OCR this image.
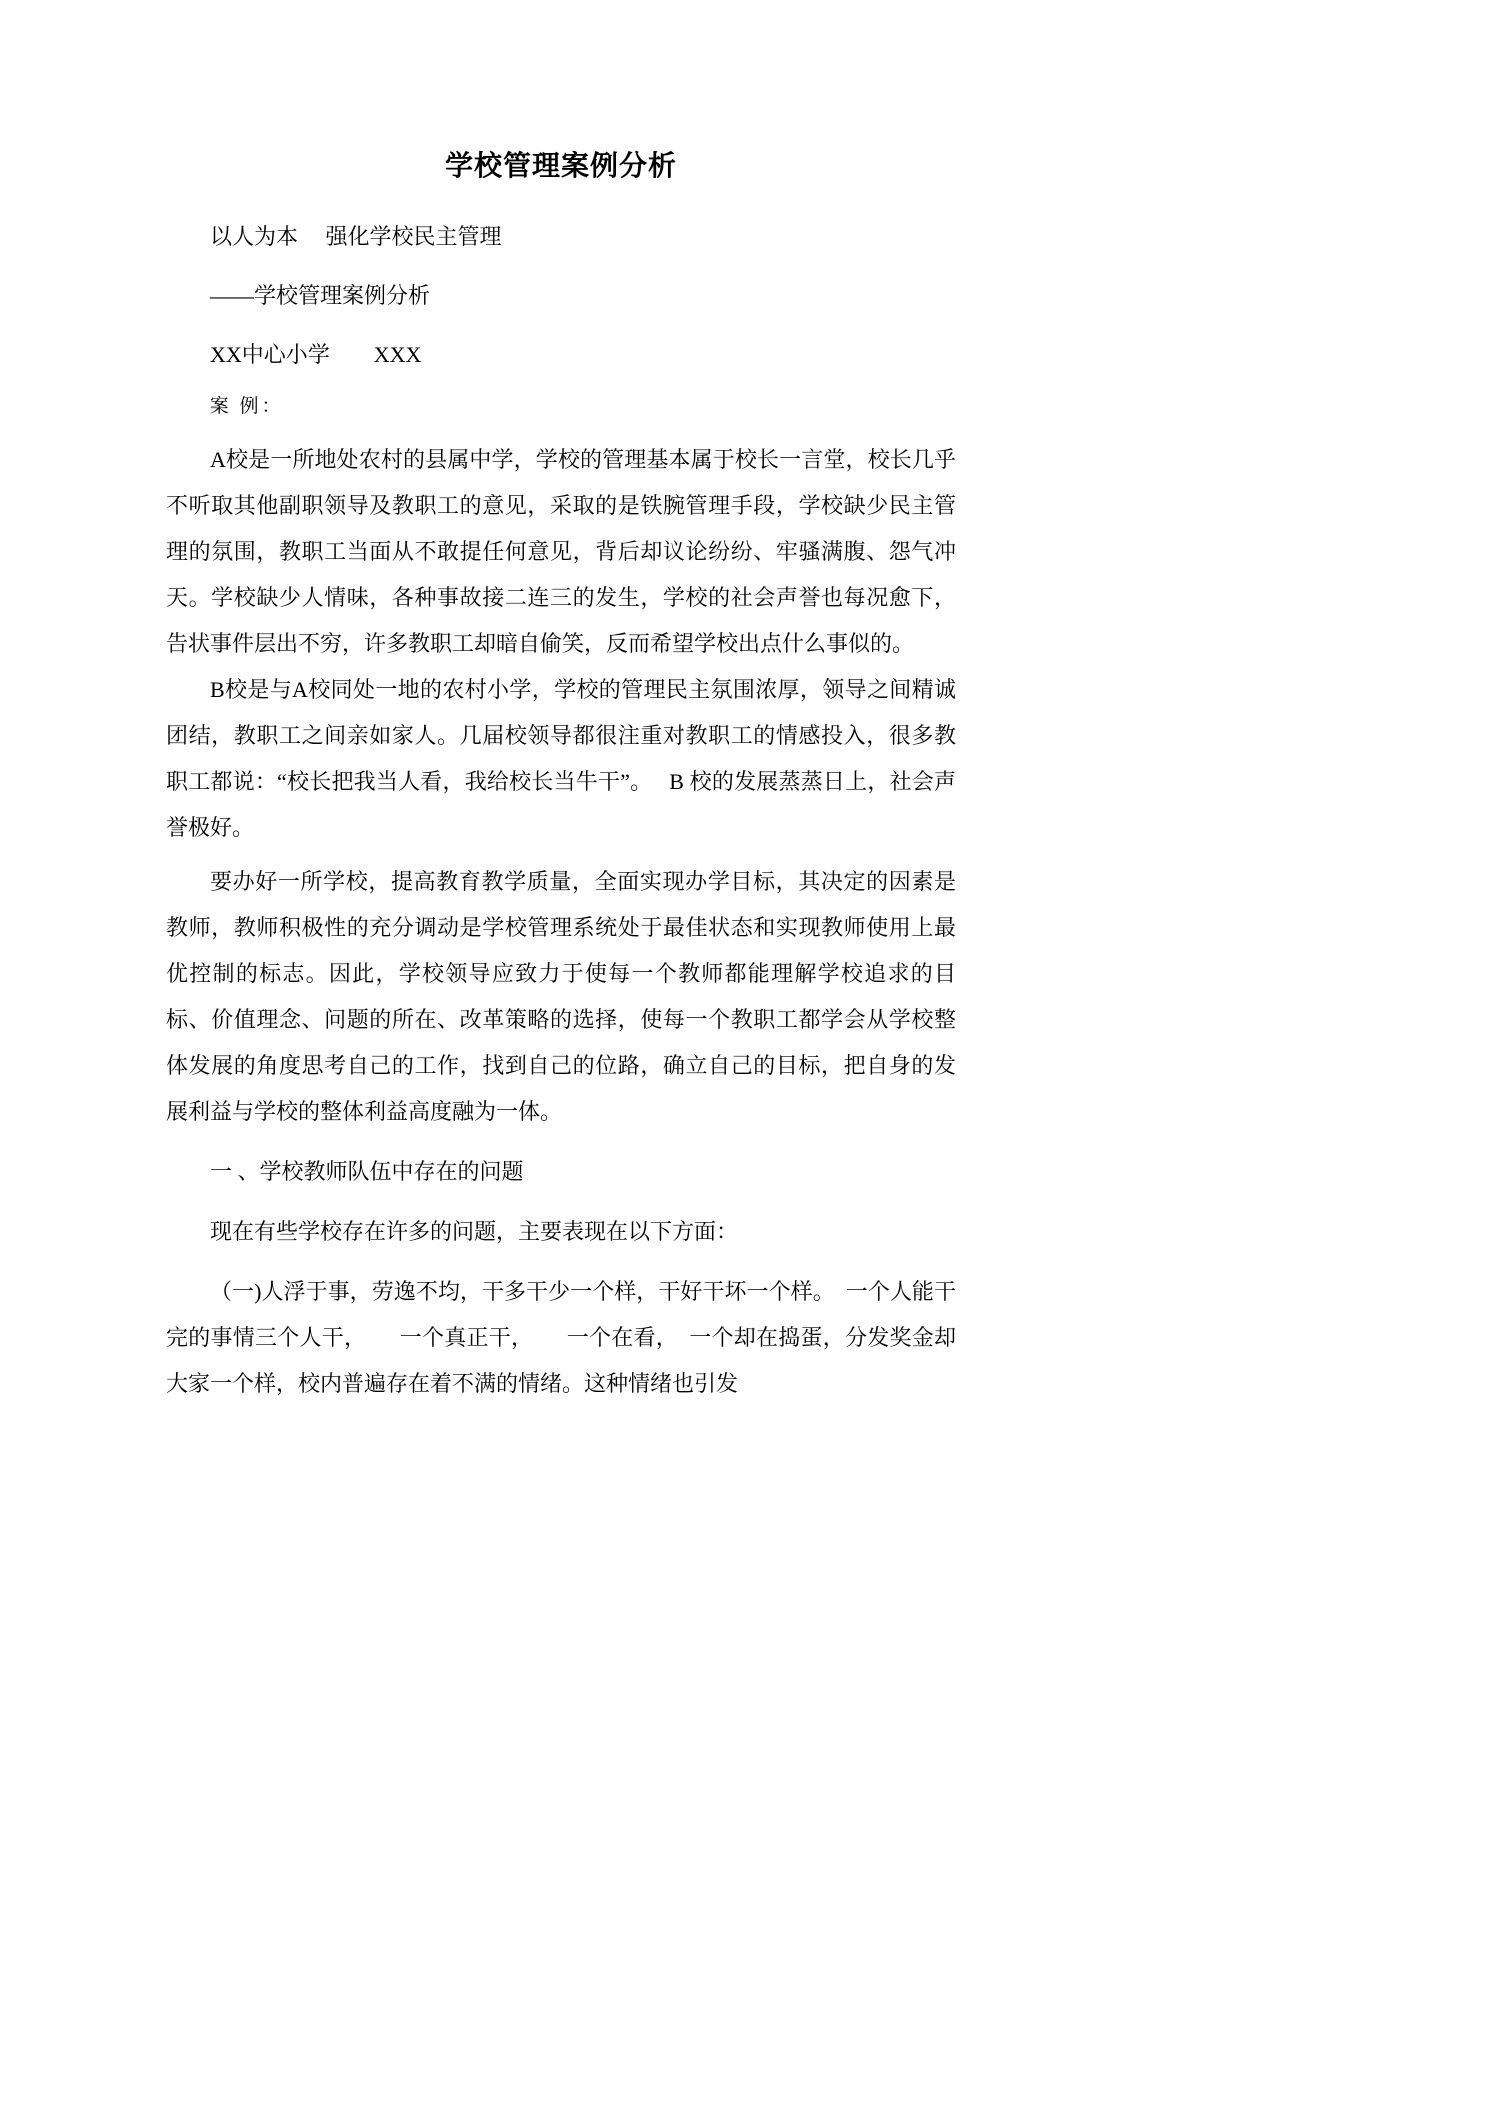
学校管理案例分析

以人为本　 强化学校民主管理

——学校管理案例分析

XX中心小学　　XXX

案 例：

A校是一所地处农村的县属中学，学校的管理基本属于校长一言堂，校长几乎不听取其他副职领导及教职工的意见，采取的是铁腕管理手段，学校缺少民主管理的氛围，教职工当面从不敢提任何意见，背后却议论纷纷、牢骚满腹、怨气冲天。学校缺少人情味，各种事故接二连三的发生，学校的社会声誉也每况愈下，告状事件层出不穷，许多教职工却暗自偷笑，反而希望学校出点什么事似的。

B校是与A校同处一地的农村小学，学校的管理民主氛围浓厚，领导之间精诚团结，教职工之间亲如家人。几届校领导都很注重对教职工的情感投入，很多教职工都说：“校长把我当人看，我给校长当牛干”。　 B 校的发展蒸蒸日上，社会声誉极好。

要办好一所学校，提高教育教学质量，全面实现办学目标，其决定的因素是教师，教师积极性的充分调动是学校管理系统处于最佳状态和实现教师使用上最优控制的标志。因此，学校领导应致力于使每一个教师都能理解学校追求的目标、价值理念、问题的所在、改革策略的选择，使每一个教职工都学会从学校整体发展的角度思考自己的工作，找到自己的位路，确立自己的目标，把自身的发展利益与学校的整体利益高度融为一体。

一 、学校教师队伍中存在的问题

现在有些学校存在许多的问题，主要表现在以下方面：

（一)人浮于事，劳逸不均，干多干少一个样，干好干坏一个样。　一个人能干完的事情三个人干，　　一个真正干，　　一个在看，　一个却在捣蛋，分发奖金却大家一个样，校内普遍存在着不满的情绪。这种情绪也引发
